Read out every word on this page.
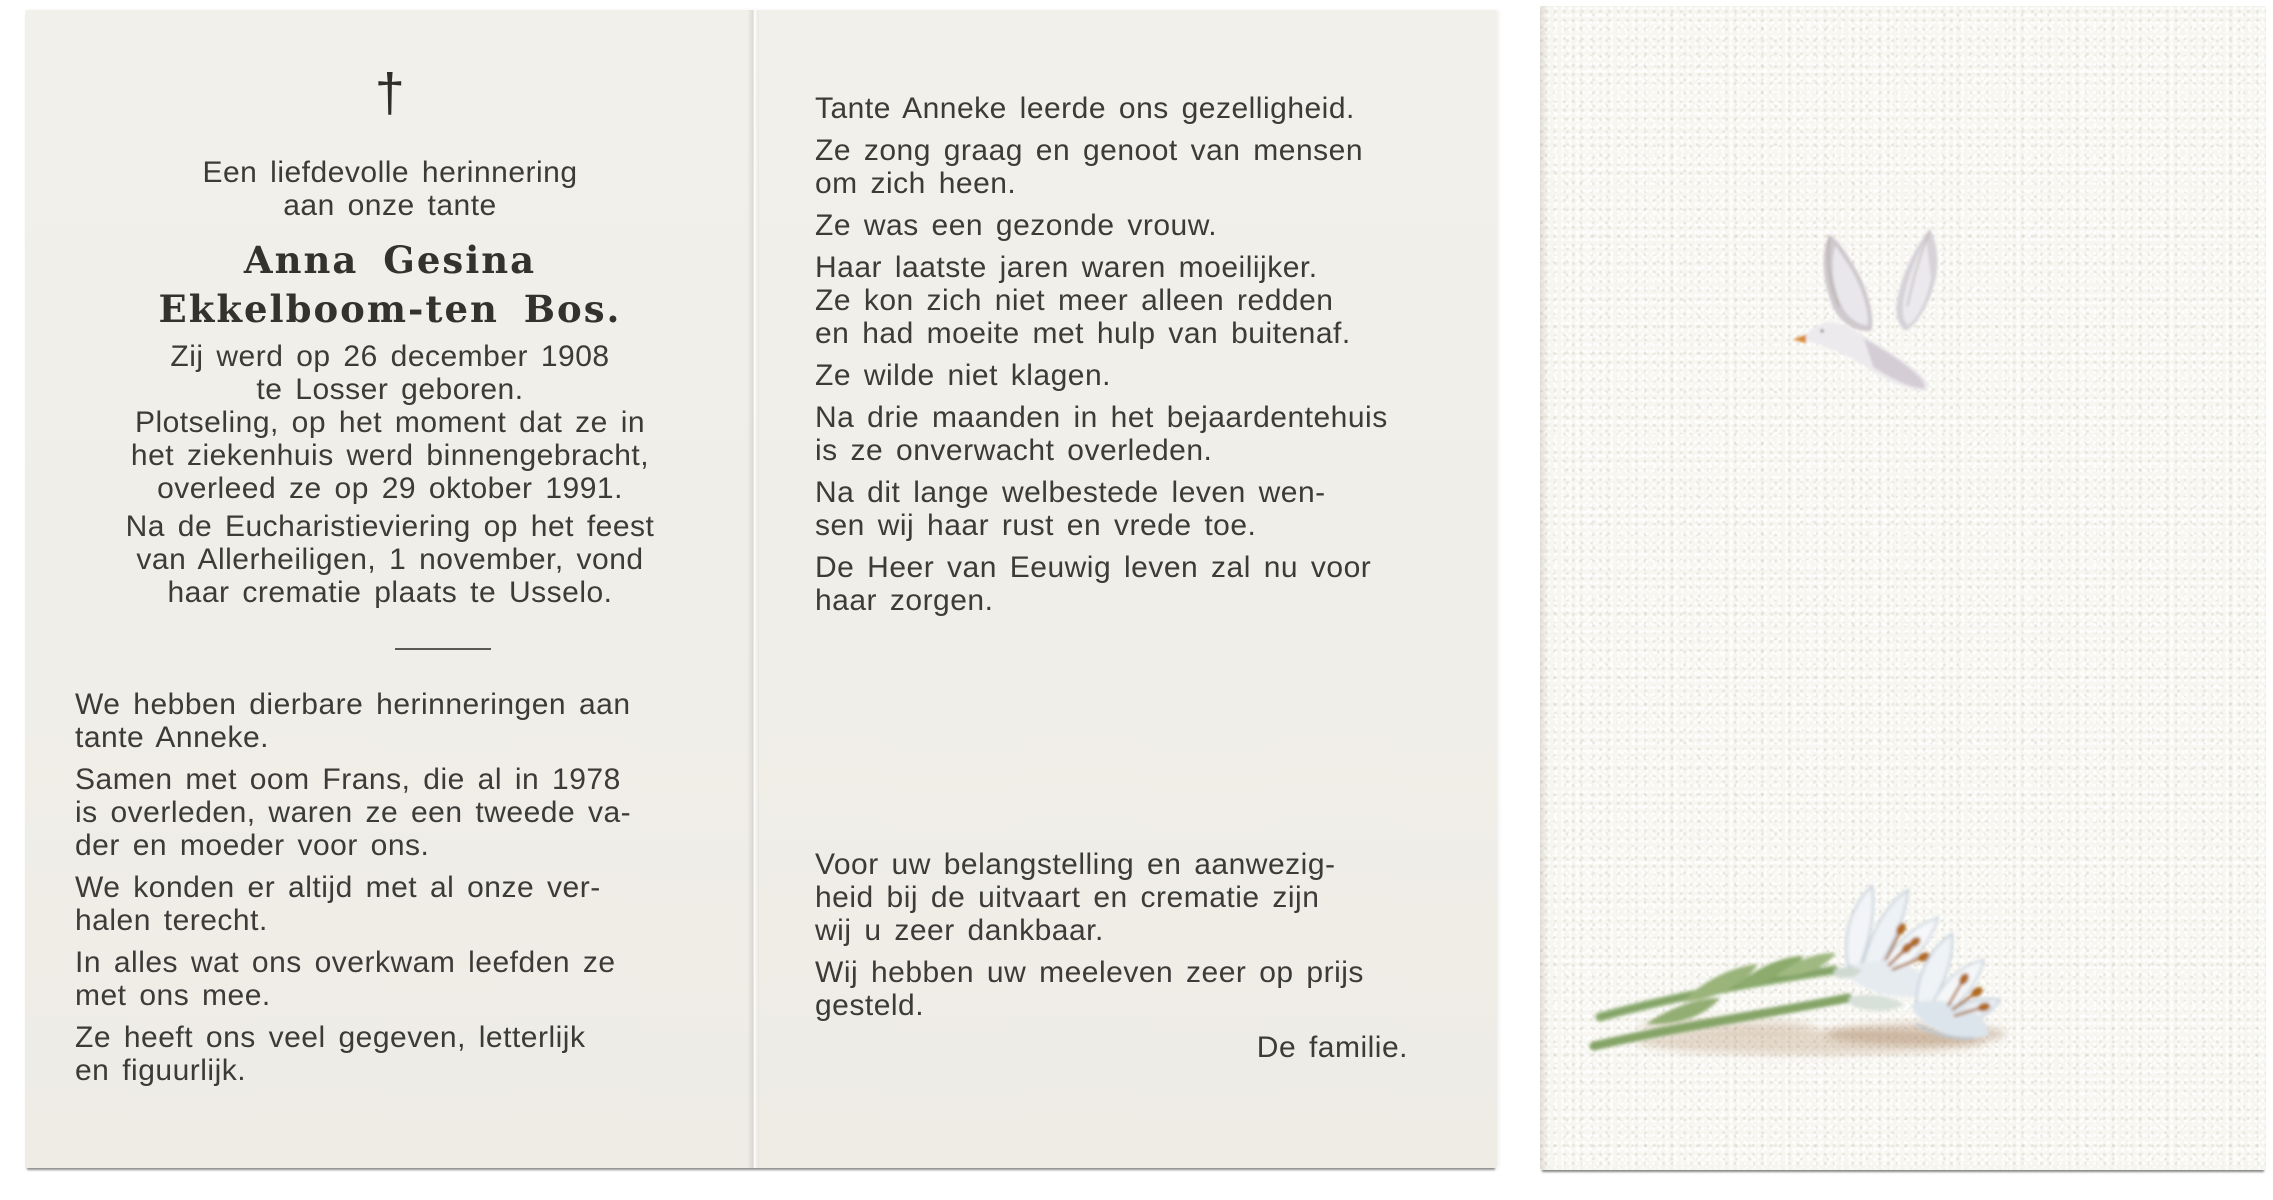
†
Een liefdevolle herinnering
aan onze tante
Anna Gesina
Ekkelboom-ten Bos.
Zij werd op 26 december 1908
te Losser geboren.
Plotseling, op het moment dat ze in
het ziekenhuis werd binnengebracht,
overleed ze op 29 oktober 1991.
Na de Eucharistieviering op het feest
van Allerheiligen, 1 november, vond
haar crematie plaats te Usselo.
We hebben dierbare herinneringen aan
tante Anneke.
Samen met oom Frans, die al in 1978
is overleden, waren ze een tweede va-
der en moeder voor ons.
We konden er altijd met al onze ver-
halen terecht.
In alles wat ons overkwam leefden ze
met ons mee.
Ze heeft ons veel gegeven, letterlijk
en figuurlijk.
Tante Anneke leerde ons gezelligheid.
Ze zong graag en genoot van mensen
om zich heen.
Ze was een gezonde vrouw.
Haar laatste jaren waren moeilijker.
Ze kon zich niet meer alleen redden
en had moeite met hulp van buitenaf.
Ze wilde niet klagen.
Na drie maanden in het bejaardentehuis
is ze onverwacht overleden.
Na dit lange welbestede leven wen-
sen wij haar rust en vrede toe.
De Heer van Eeuwig leven zal nu voor
haar zorgen.
Voor uw belangstelling en aanwezig-
heid bij de uitvaart en crematie zijn
wij u zeer dankbaar.
Wij hebben uw meeleven zeer op prijs
gesteld.
De familie.
